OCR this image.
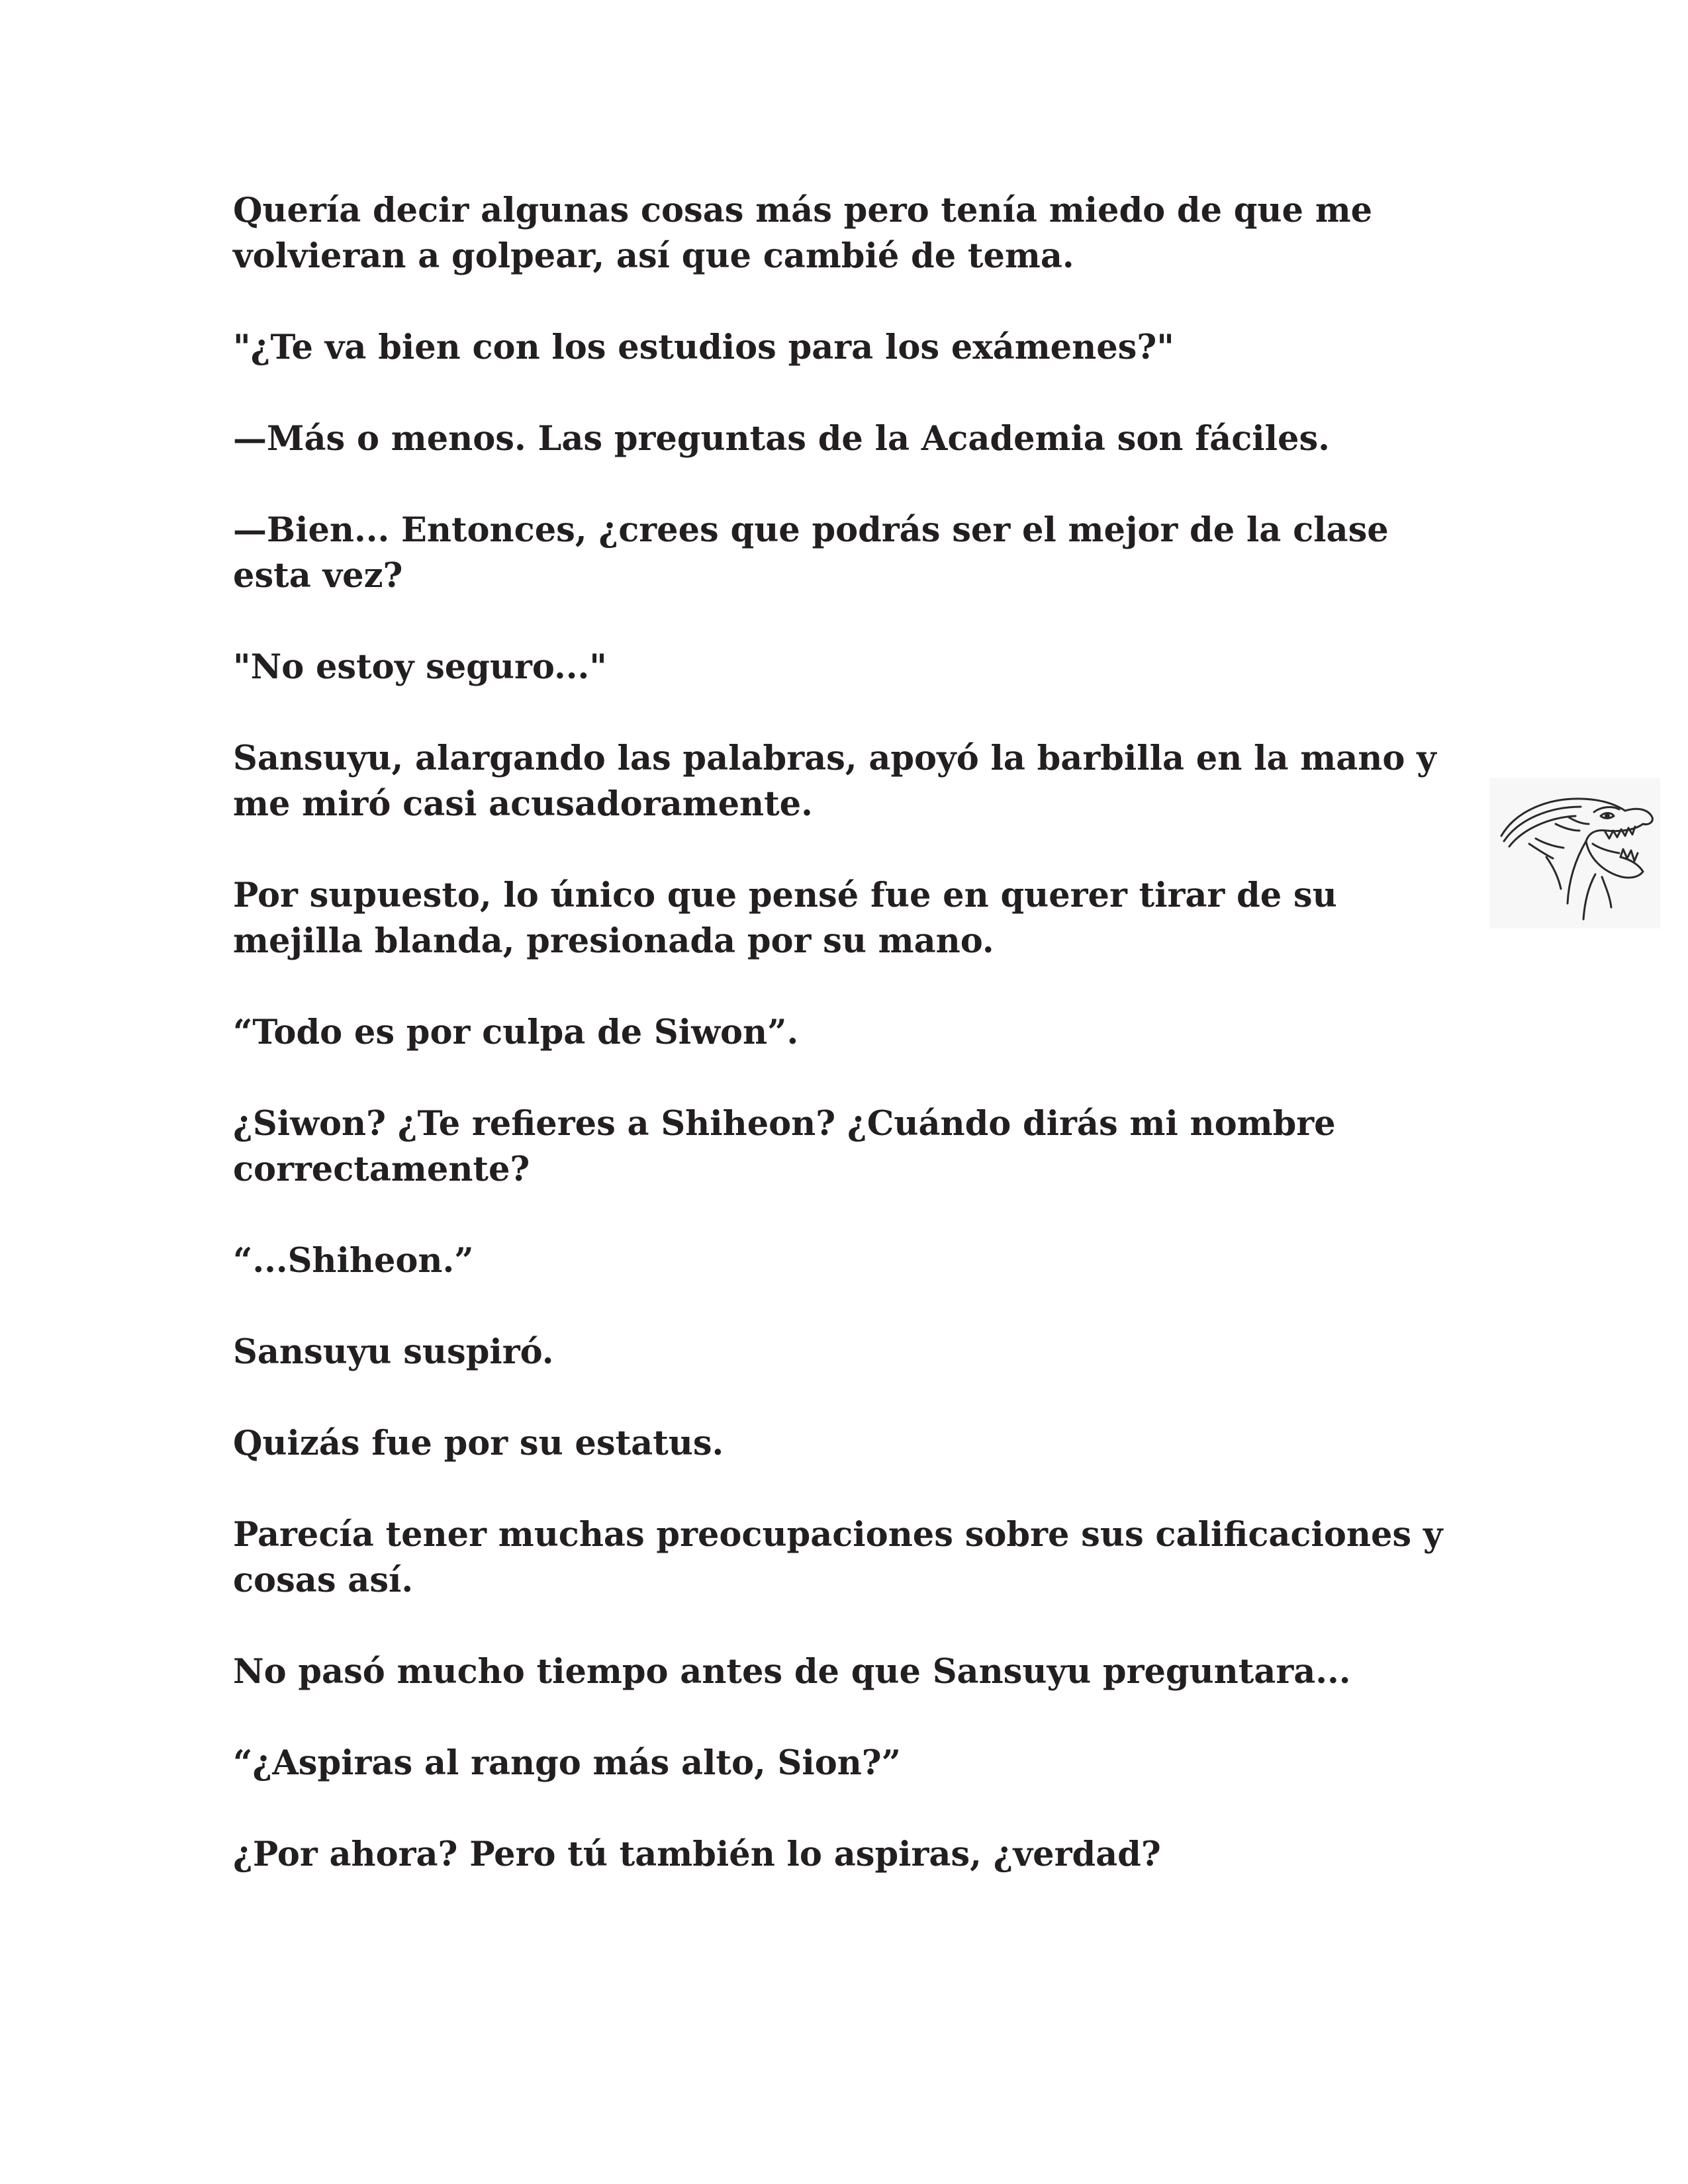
Quería decir algunas cosas más pero tenía miedo de que me volvieran a golpear, así que cambié de tema.

"¿Te va bien con los estudios para los exámenes?"

—Más o menos. Las preguntas de la Academia son fáciles.

—Bien... Entonces, ¿crees que podrás ser el mejor de la clase esta vez?

"No estoy seguro..."

Sansuyu, alargando las palabras, apoyó la barbilla en la mano y me miró casi acusadoramente.

Por supuesto, lo único que pensé fue en querer tirar de su mejilla blanda, presionada por su mano.

“Todo es por culpa de Siwon”.

¿Siwon? ¿Te refieres a Shiheon? ¿Cuándo dirás mi nombre correctamente?

“...Shiheon.”

Sansuyu suspiró.

Quizás fue por su estatus.

Parecía tener muchas preocupaciones sobre sus calificaciones y cosas así.

No pasó mucho tiempo antes de que Sansuyu preguntara...

“¿Aspiras al rango más alto, Sion?”

¿Por ahora? Pero tú también lo aspiras, ¿verdad?
